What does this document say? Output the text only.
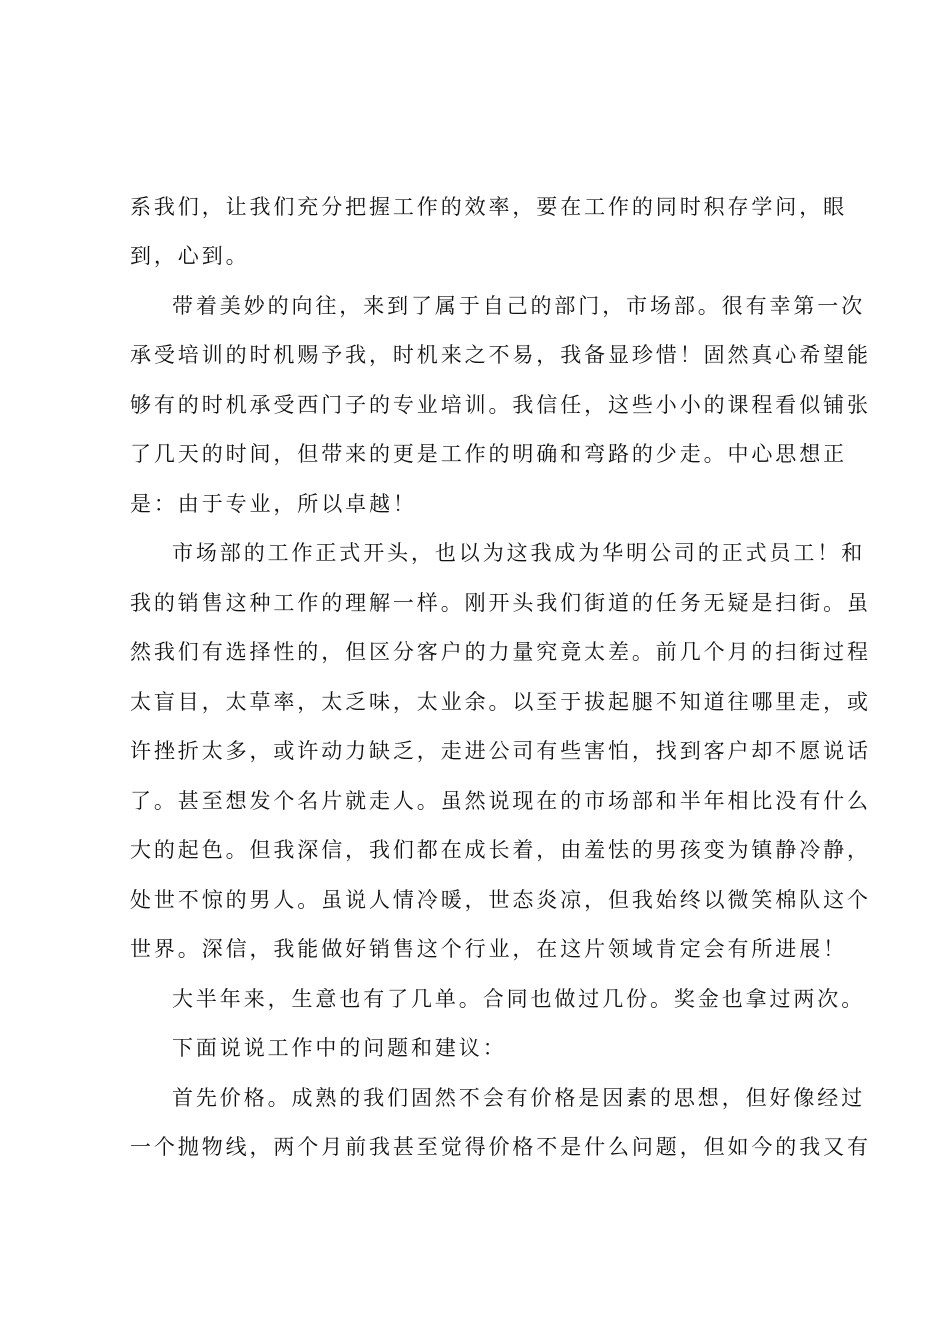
系我们，让我们充分把握工作的效率，要在工作的同时积存学问，眼
到，心到。
带着美妙的向往，来到了属于自己的部门，市场部。很有幸第一次
承受培训的时机赐予我，时机来之不易，我备显珍惜！固然真心希望能
够有的时机承受西门子的专业培训。我信任，这些小小的课程看似铺张
了几天的时间，但带来的更是工作的明确和弯路的少走。中心思想正
是：由于专业，所以卓越！
市场部的工作正式开头，也以为这我成为华明公司的正式员工！和
我的销售这种工作的理解一样。刚开头我们街道的任务无疑是扫街。虽
然我们有选择性的，但区分客户的力量究竟太差。前几个月的扫街过程
太盲目，太草率，太乏味，太业余。以至于拔起腿不知道往哪里走，或
许挫折太多，或许动力缺乏，走进公司有些害怕，找到客户却不愿说话
了。甚至想发个名片就走人。虽然说现在的市场部和半年相比没有什么
大的起色。但我深信，我们都在成长着，由羞怯的男孩变为镇静冷静，
处世不惊的男人。虽说人情冷暖，世态炎凉，但我始终以微笑棉队这个
世界。深信，我能做好销售这个行业，在这片领域肯定会有所进展！
大半年来，生意也有了几单。合同也做过几份。奖金也拿过两次。
下面说说工作中的问题和建议：
首先价格。成熟的我们固然不会有价格是因素的思想，但好像经过
一个抛物线，两个月前我甚至觉得价格不是什么问题，但如今的我又有
